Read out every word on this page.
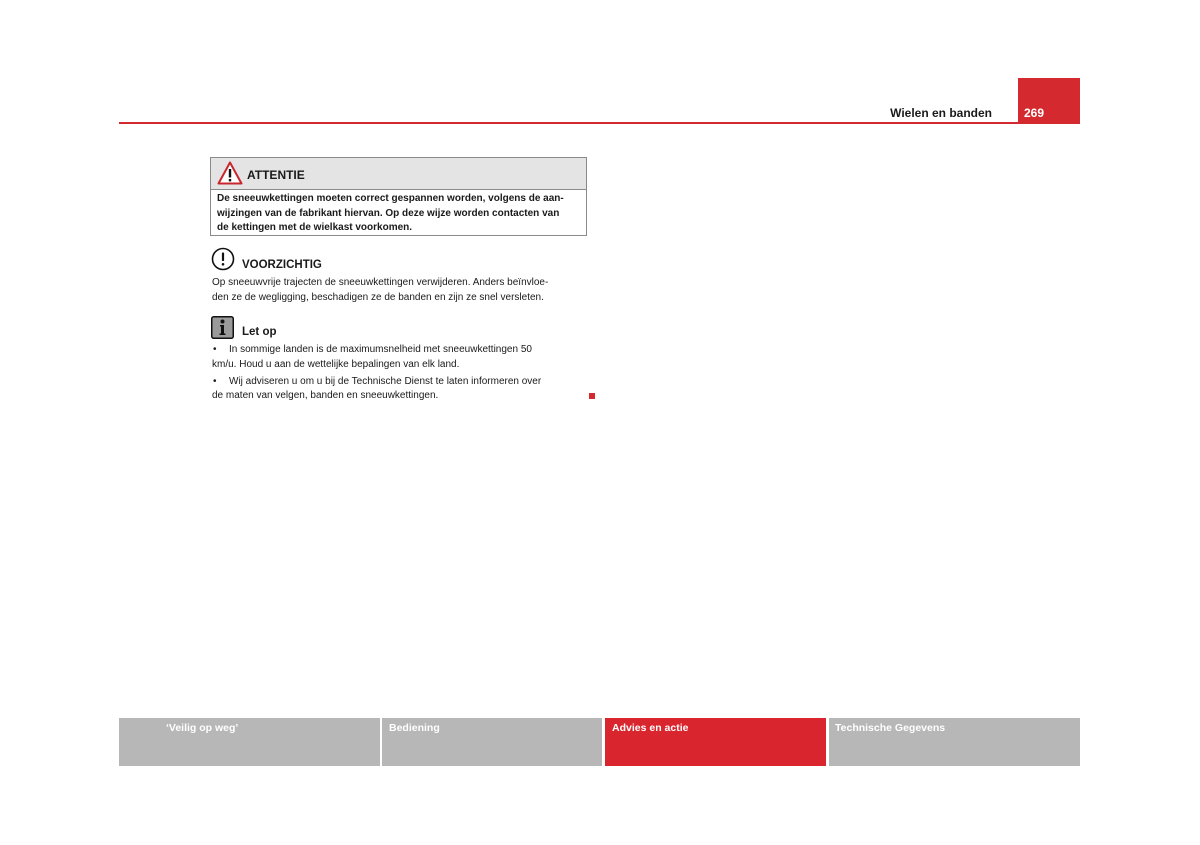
Wielen en banden	269
ATTENTIE
De sneeuwkettingen moeten correct gespannen worden, volgens de aan-
wijzingen van de fabrikant hiervan. Op deze wijze worden contacten van
de kettingen met de wielkast voorkomen.
VOORZICHTIG
Op sneeuwvrije trajecten de sneeuwkettingen verwijderen. Anders beïnvloe-
den ze de wegligging, beschadigen ze de banden en zijn ze snel versleten.
Let op
• In sommige landen is de maximumsnelheid met sneeuwkettingen 50
km/u. Houd u aan de wettelijke bepalingen van elk land.
• Wij adviseren u om u bij de Technische Dienst te laten informeren over
de maten van velgen, banden en sneeuwkettingen.
‘Veilig op weg’	Bediening	Advies en actie	Technische Gegevens
